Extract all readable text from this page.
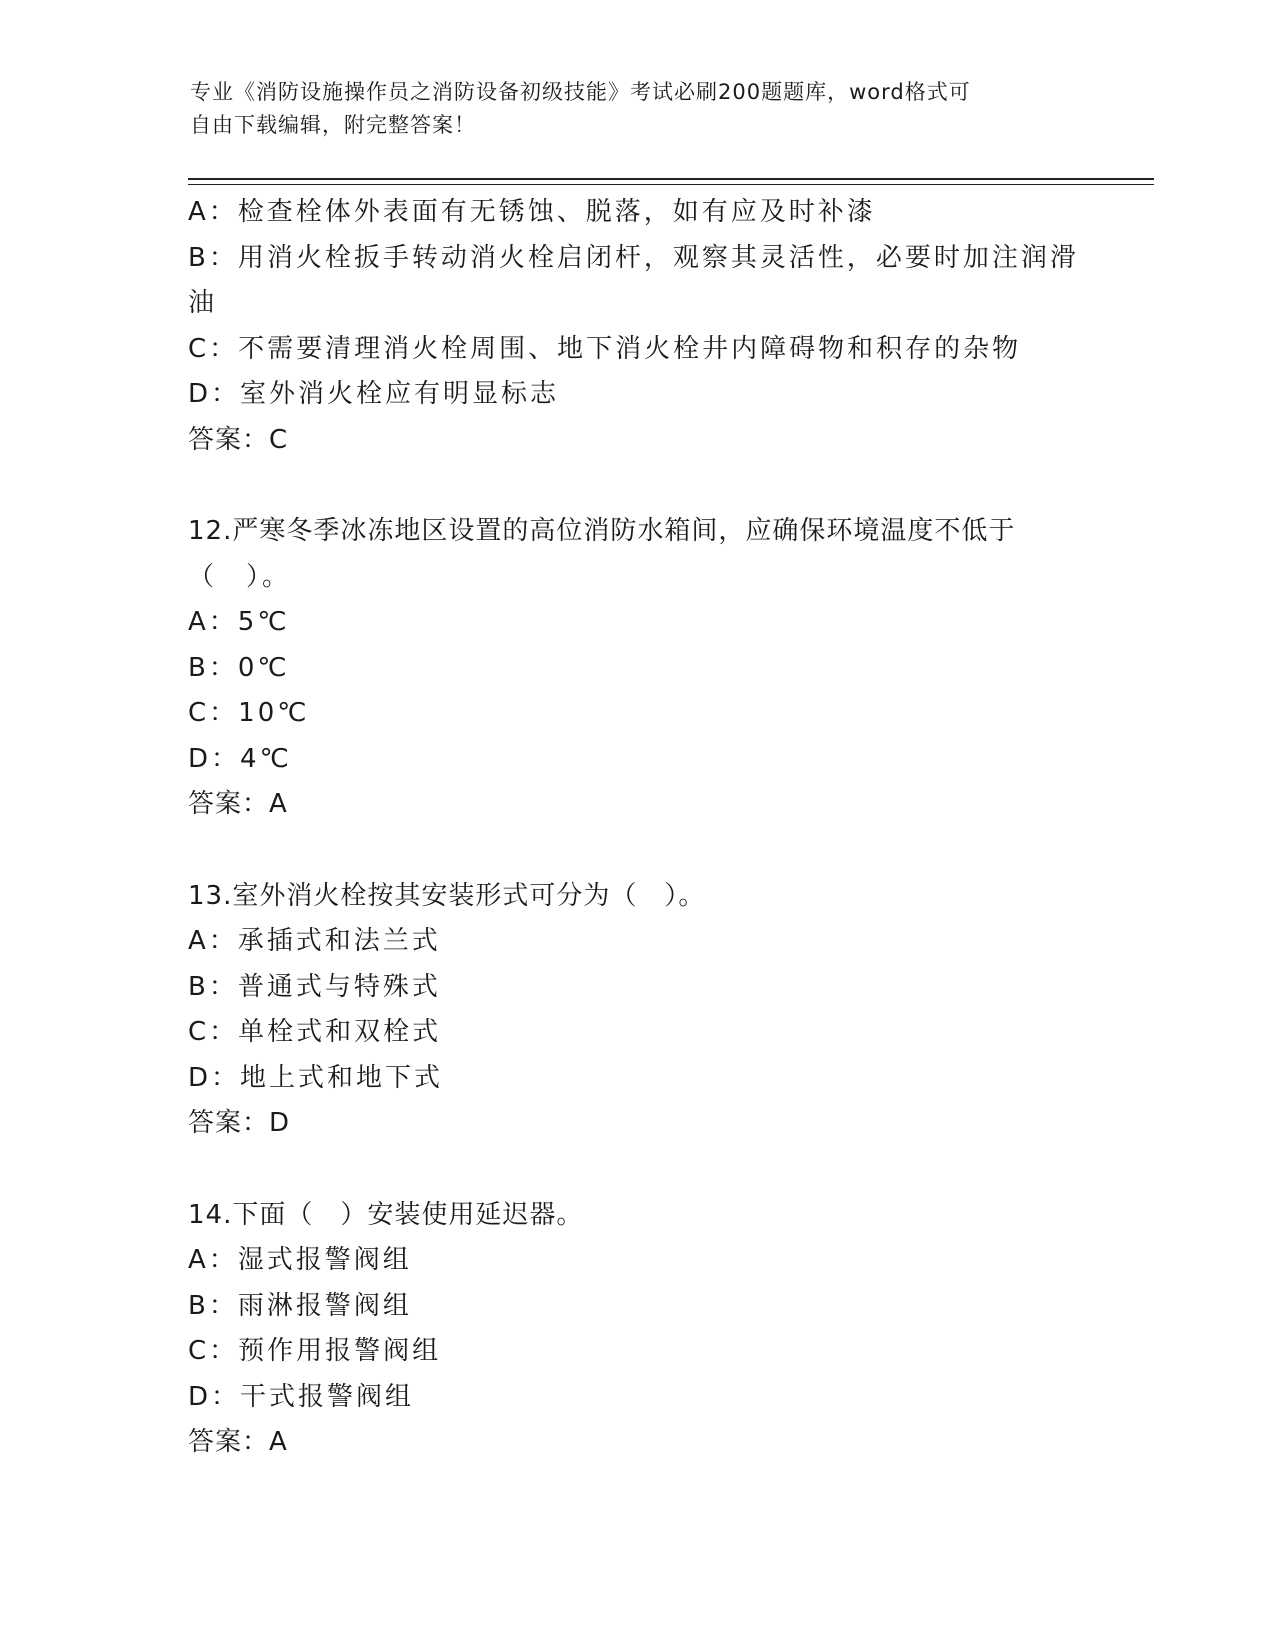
专业《消防设施操作员之消防设备初级技能》考试必刷200题题库，word格式可
自由下载编辑，附完整答案！

A：检查栓体外表面有无锈蚀、脱落，如有应及时补漆

B：用消火栓扳手转动消火栓启闭杆，观察其灵活性，必要时加注润滑

油

C：不需要清理消火栓周围、地下消火栓井内障碍物和积存的杂物

D：室外消火栓应有明显标志

答案：C

12.严寒冬季冰冻地区设置的高位消防水箱间，应确保环境温度不低于

（　）。

A：5℃

B：0℃

C：10℃

D：4℃

答案：A

13.室外消火栓按其安装形式可分为（　）。

A：承插式和法兰式

B：普通式与特殊式

C：单栓式和双栓式

D：地上式和地下式

答案：D

14.下面（　）安装使用延迟器。

A：湿式报警阀组

B：雨淋报警阀组

C：预作用报警阀组

D：干式报警阀组

答案：A
